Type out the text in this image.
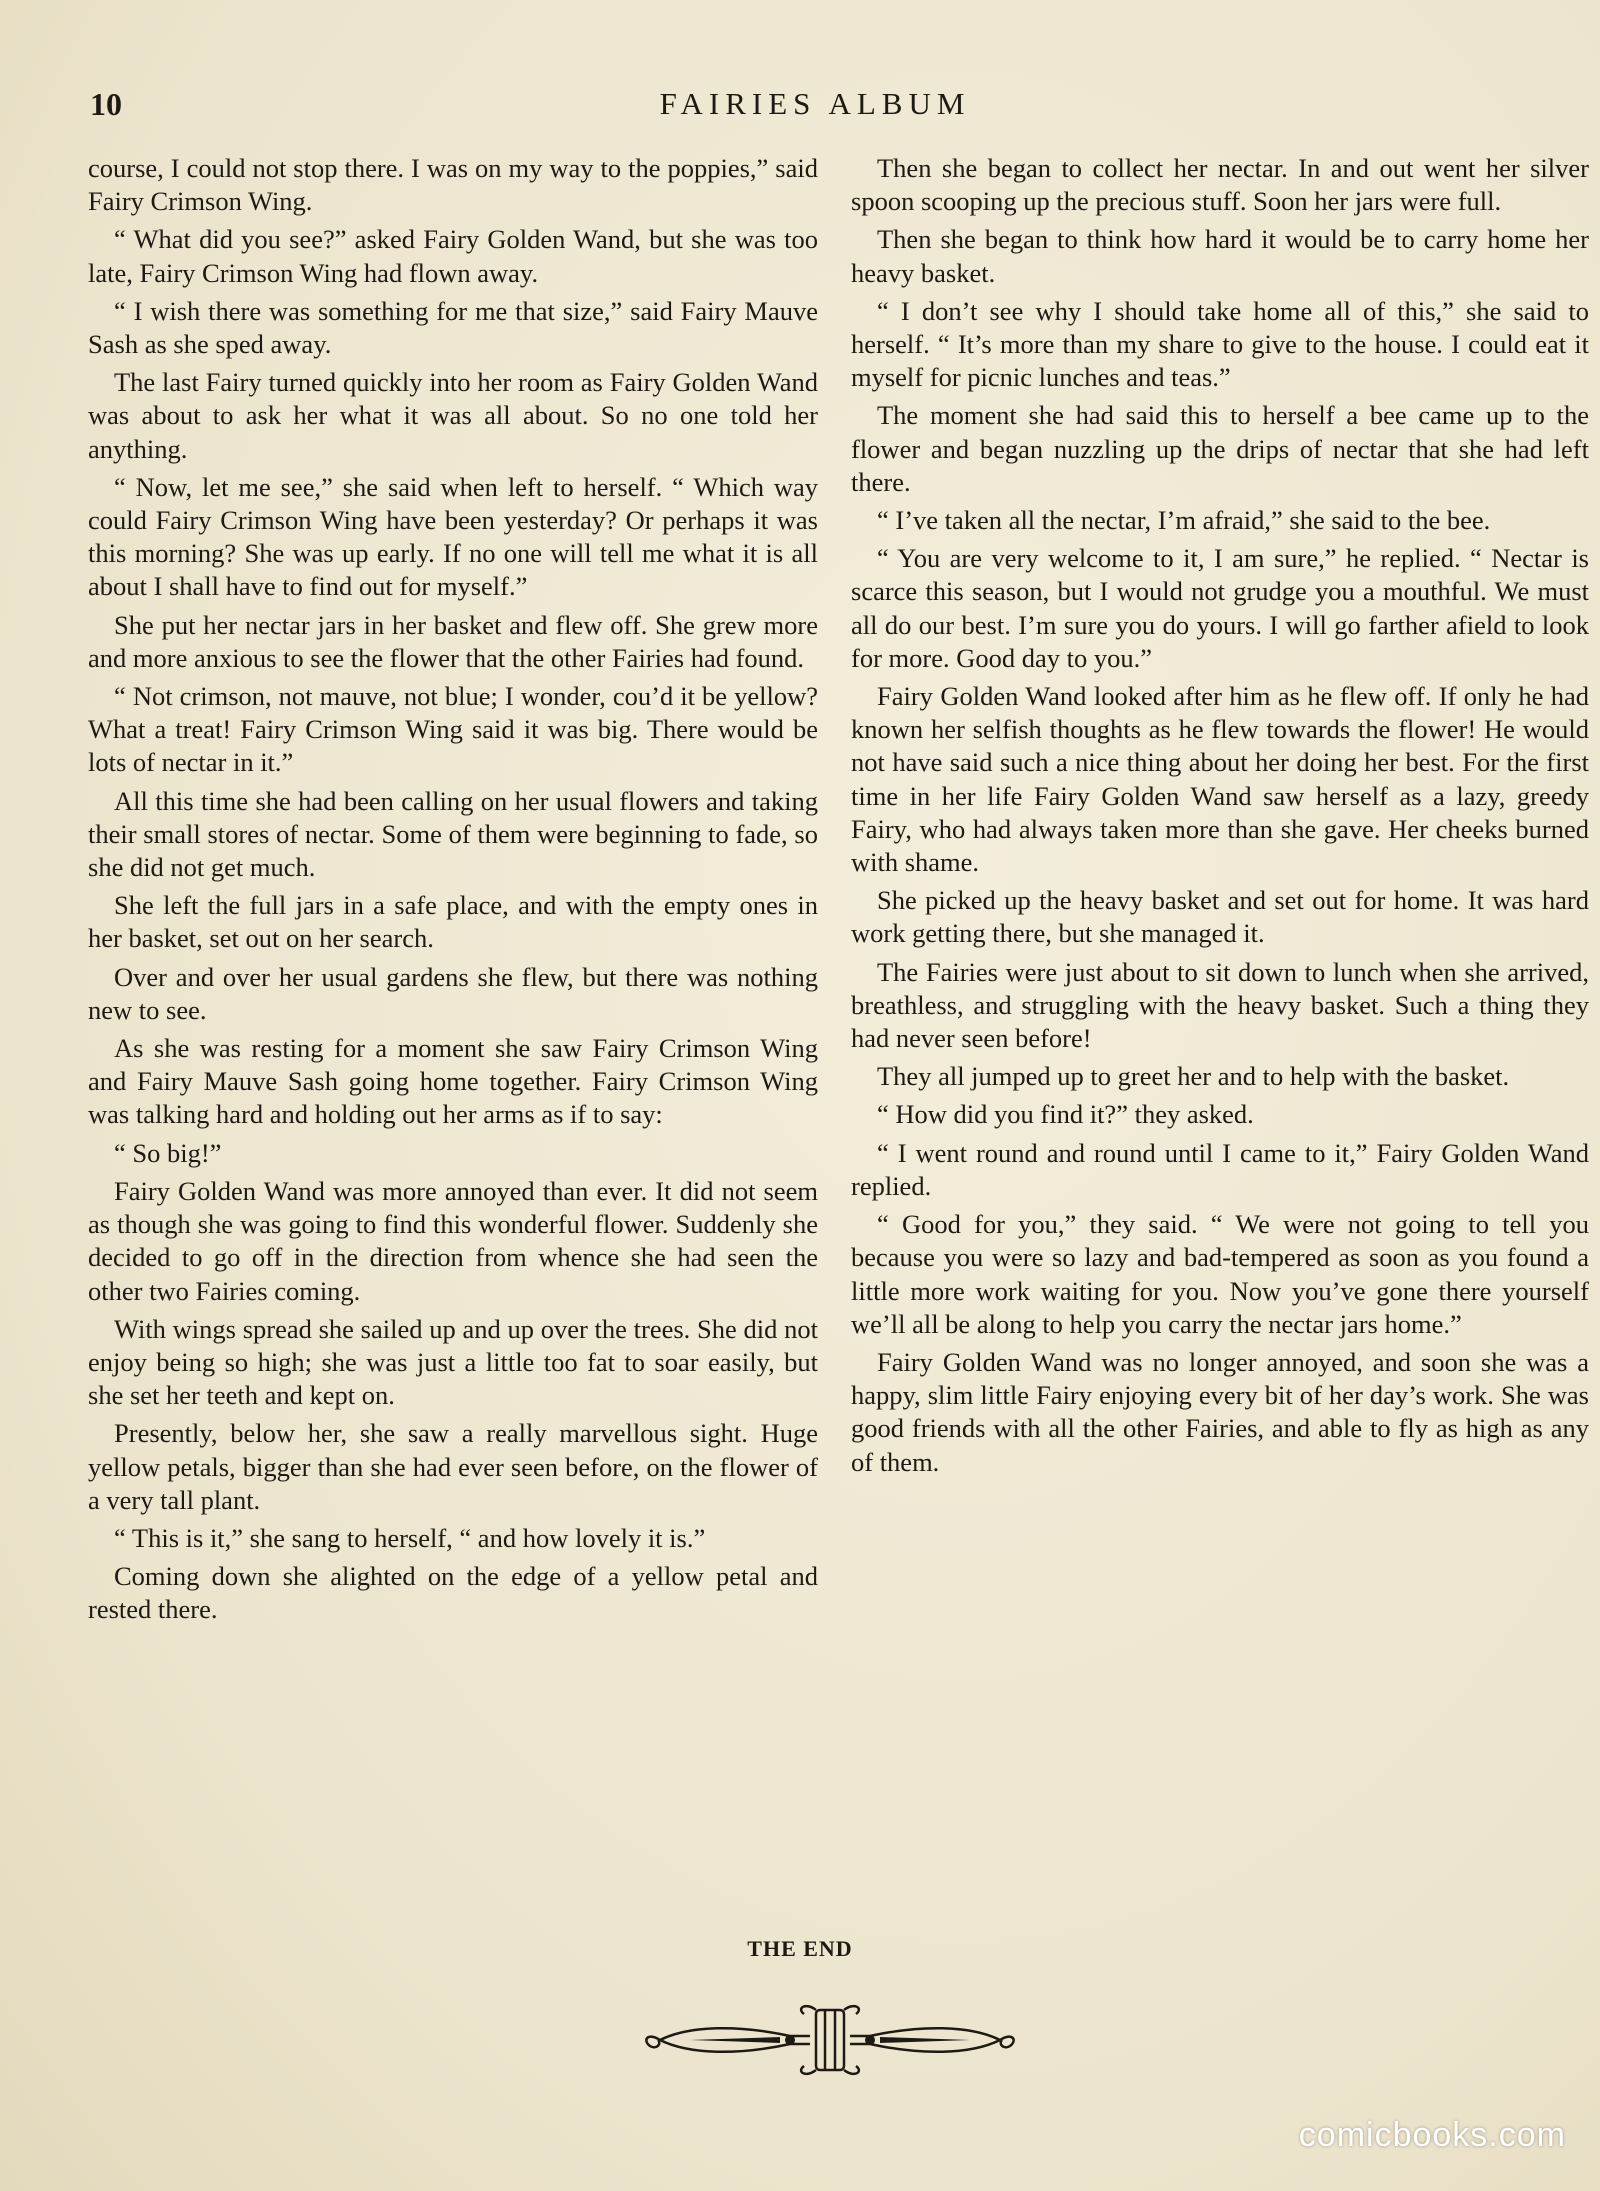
10	FAIRIES ALBUM

course, I could not stop there. I was on my way to the poppies,” said Fairy Crimson Wing.

“ What did you see?” asked Fairy Golden Wand, but she was too late, Fairy Crimson Wing had flown away.

“ I wish there was something for me that size,” said Fairy Mauve Sash as she sped away.

The last Fairy turned quickly into her room as Fairy Golden Wand was about to ask her what it was all about. So no one told her anything.

“ Now, let me see,” she said when left to herself. “ Which way could Fairy Crimson Wing have been yesterday? Or perhaps it was this morning? She was up early. If no one will tell me what it is all about I shall have to find out for myself.”

She put her nectar jars in her basket and flew off. She grew more and more anxious to see the flower that the other Fairies had found.

“ Not crimson, not mauve, not blue; I wonder, cou’d it be yellow? What a treat! Fairy Crimson Wing said it was big. There would be lots of nectar in it.”

All this time she had been calling on her usual flowers and taking their small stores of nectar. Some of them were beginning to fade, so she did not get much.

She left the full jars in a safe place, and with the empty ones in her basket, set out on her search.

Over and over her usual gardens she flew, but there was nothing new to see.

As she was resting for a moment she saw Fairy Crimson Wing and Fairy Mauve Sash going home together. Fairy Crimson Wing was talking hard and holding out her arms as if to say:

“ So big!”

Fairy Golden Wand was more annoyed than ever. It did not seem as though she was going to find this wonderful flower. Suddenly she decided to go off in the direction from whence she had seen the other two Fairies coming.

With wings spread she sailed up and up over the trees. She did not enjoy being so high; she was just a little too fat to soar easily, but she set her teeth and kept on.

Presently, below her, she saw a really marvellous sight. Huge yellow petals, bigger than she had ever seen before, on the flower of a very tall plant.

“ This is it,” she sang to herself, “ and how lovely it is.”

Coming down she alighted on the edge of a yellow petal and rested there.

Then she began to collect her nectar. In and out went her silver spoon scooping up the precious stuff. Soon her jars were full.

Then she began to think how hard it would be to carry home her heavy basket.

“ I don’t see why I should take home all of this,” she said to herself. “ It’s more than my share to give to the house. I could eat it myself for picnic lunches and teas.”

The moment she had said this to herself a bee came up to the flower and began nuzzling up the drips of nectar that she had left there.

“ I’ve taken all the nectar, I’m afraid,” she said to the bee.

“ You are very welcome to it, I am sure,” he replied. “ Nectar is scarce this season, but I would not grudge you a mouthful. We must all do our best. I’m sure you do yours. I will go farther afield to look for more. Good day to you.”

Fairy Golden Wand looked after him as he flew off. If only he had known her selfish thoughts as he flew towards the flower! He would not have said such a nice thing about her doing her best. For the first time in her life Fairy Golden Wand saw herself as a lazy, greedy Fairy, who had always taken more than she gave. Her cheeks burned with shame.

She picked up the heavy basket and set out for home. It was hard work getting there, but she managed it.

The Fairies were just about to sit down to lunch when she arrived, breathless, and struggling with the heavy basket. Such a thing they had never seen before!

They all jumped up to greet her and to help with the basket.

“ How did you find it?” they asked.

“ I went round and round until I came to it,” Fairy Golden Wand replied.

“ Good for you,” they said. “ We were not going to tell you because you were so lazy and bad-tempered as soon as you found a little more work waiting for you. Now you’ve gone there yourself we’ll all be along to help you carry the nectar jars home.”

Fairy Golden Wand was no longer annoyed, and soon she was a happy, slim little Fairy enjoying every bit of her day’s work. She was good friends with all the other Fairies, and able to fly as high as any of them.

THE END
comicbooks.com
